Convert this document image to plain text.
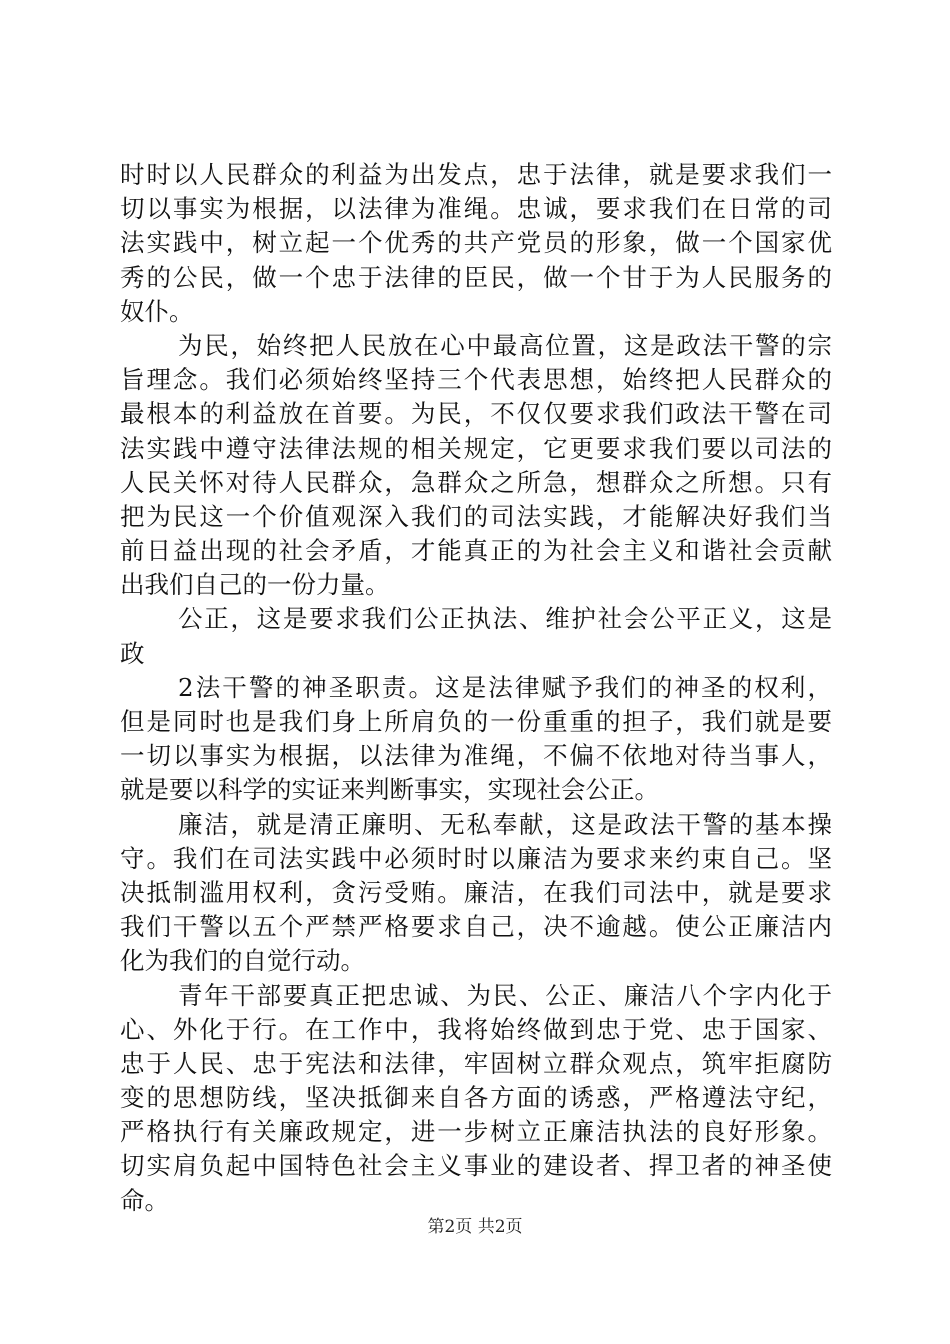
时时以人民群众的利益为出发点，忠于法律，就是要求我们一
切以事实为根据，以法律为准绳。忠诚，要求我们在日常的司
法实践中，树立起一个优秀的共产党员的形象，做一个国家优
秀的公民，做一个忠于法律的臣民，做一个甘于为人民服务的
奴仆。
为民，始终把人民放在心中最高位置，这是政法干警的宗
旨理念。我们必须始终坚持三个代表思想，始终把人民群众的
最根本的利益放在首要。为民，不仅仅要求我们政法干警在司
法实践中遵守法律法规的相关规定，它更要求我们要以司法的
人民关怀对待人民群众，急群众之所急，想群众之所想。只有
把为民这一个价值观深入我们的司法实践，才能解决好我们当
前日益出现的社会矛盾，才能真正的为社会主义和谐社会贡献
出我们自己的一份力量。
公正，这是要求我们公正执法、维护社会公平正义，这是
政
2法干警的神圣职责。这是法律赋予我们的神圣的权利，
但是同时也是我们身上所肩负的一份重重的担子，我们就是要
一切以事实为根据，以法律为准绳，不偏不依地对待当事人，
就是要以科学的实证来判断事实，实现社会公正。
廉洁，就是清正廉明、无私奉献，这是政法干警的基本操
守。我们在司法实践中必须时时以廉洁为要求来约束自己。坚
决抵制滥用权利，贪污受贿。廉洁，在我们司法中，就是要求
我们干警以五个严禁严格要求自己，决不逾越。使公正廉洁内
化为我们的自觉行动。
青年干部要真正把忠诚、为民、公正、廉洁八个字内化于
心、外化于行。在工作中，我将始终做到忠于党、忠于国家、
忠于人民、忠于宪法和法律，牢固树立群众观点，筑牢拒腐防
变的思想防线，坚决抵御来自各方面的诱惑，严格遵法守纪，
严格执行有关廉政规定，进一步树立正廉洁执法的良好形象。
切实肩负起中国特色社会主义事业的建设者、捍卫者的神圣使
命。
第2页 共2页
